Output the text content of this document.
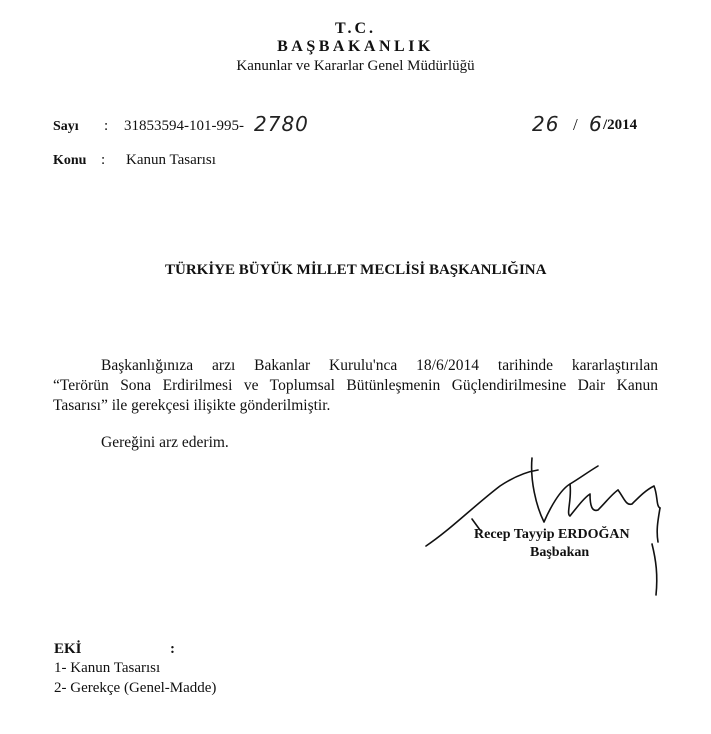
T.C.
BAŞBAKANLIK
Kanunlar ve Kararlar Genel Müdürlüğü
Sayı : 31853594-101-995- 2780	26 / 6 /2014
Konu : Kanun Tasarısı
TÜRKİYE BÜYÜK MİLLET MECLİSİ BAŞKANLIĞINA
Başkanlığınıza arzı Bakanlar Kurulu'nca 18/6/2014 tarihinde kararlaştırılan
“Terörün Sona Erdirilmesi ve Toplumsal Bütünleşmenin Güçlendirilmesine Dair Kanun
Tasarısı” ile gerekçesi ilişikte gönderilmiştir.
Gereğini arz ederim.
Recep Tayyip ERDOĞAN
Başbakan
EKİ	:
1- Kanun Tasarısı
2- Gerekçe (Genel-Madde)
